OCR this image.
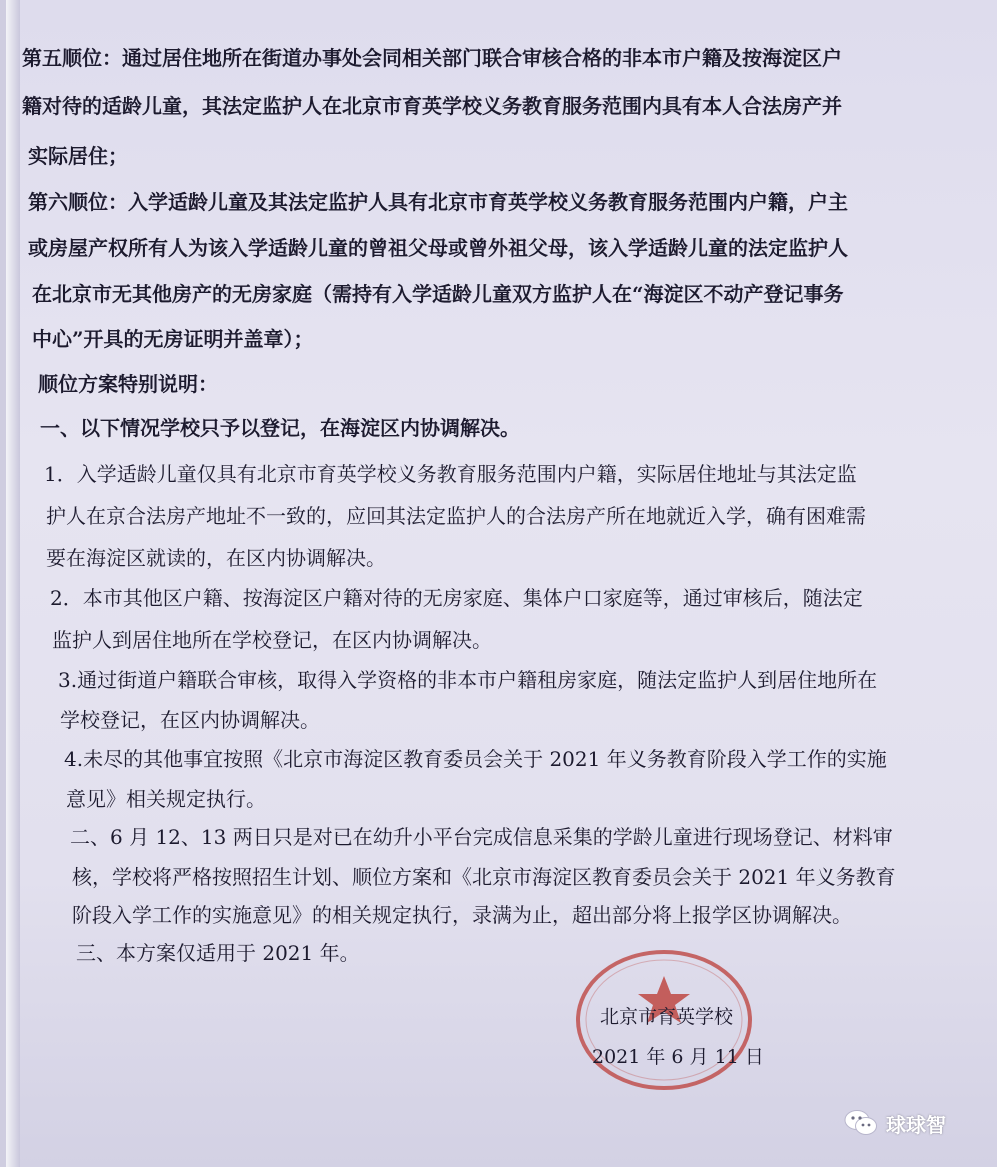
第五顺位：通过居住地所在街道办事处会同相关部门联合审核合格的非本市户籍及按海淀区户
籍对待的适龄儿童，其法定监护人在北京市育英学校义务教育服务范围内具有本人合法房产并
实际居住；
第六顺位：入学适龄儿童及其法定监护人具有北京市育英学校义务教育服务范围内户籍，户主
或房屋产权所有人为该入学适龄儿童的曾祖父母或曾外祖父母，该入学适龄儿童的法定监护人
在北京市无其他房产的无房家庭（需持有入学适龄儿童双方监护人在“海淀区不动产登记事务
中心”开具的无房证明并盖章）；
顺位方案特别说明：
一、以下情况学校只予以登记，在海淀区内协调解决。
1．入学适龄儿童仅具有北京市育英学校义务教育服务范围内户籍，实际居住地址与其法定监
护人在京合法房产地址不一致的，应回其法定监护人的合法房产所在地就近入学，确有困难需
要在海淀区就读的，在区内协调解决。
2．本市其他区户籍、按海淀区户籍对待的无房家庭、集体户口家庭等，通过审核后，随法定
监护人到居住地所在学校登记，在区内协调解决。
3.通过街道户籍联合审核，取得入学资格的非本市户籍租房家庭，随法定监护人到居住地所在
学校登记，在区内协调解决。
4.未尽的其他事宜按照《北京市海淀区教育委员会关于 2021 年义务教育阶段入学工作的实施
意见》相关规定执行。
二、6 月 12、13 两日只是对已在幼升小平台完成信息采集的学龄儿童进行现场登记、材料审
核，学校将严格按照招生计划、顺位方案和《北京市海淀区教育委员会关于 2021 年义务教育
阶段入学工作的实施意见》的相关规定执行，录满为止，超出部分将上报学区协调解决。
三、本方案仅适用于 2021 年。
北京市育英学校
2021 年 6 月 11 日
球球智
